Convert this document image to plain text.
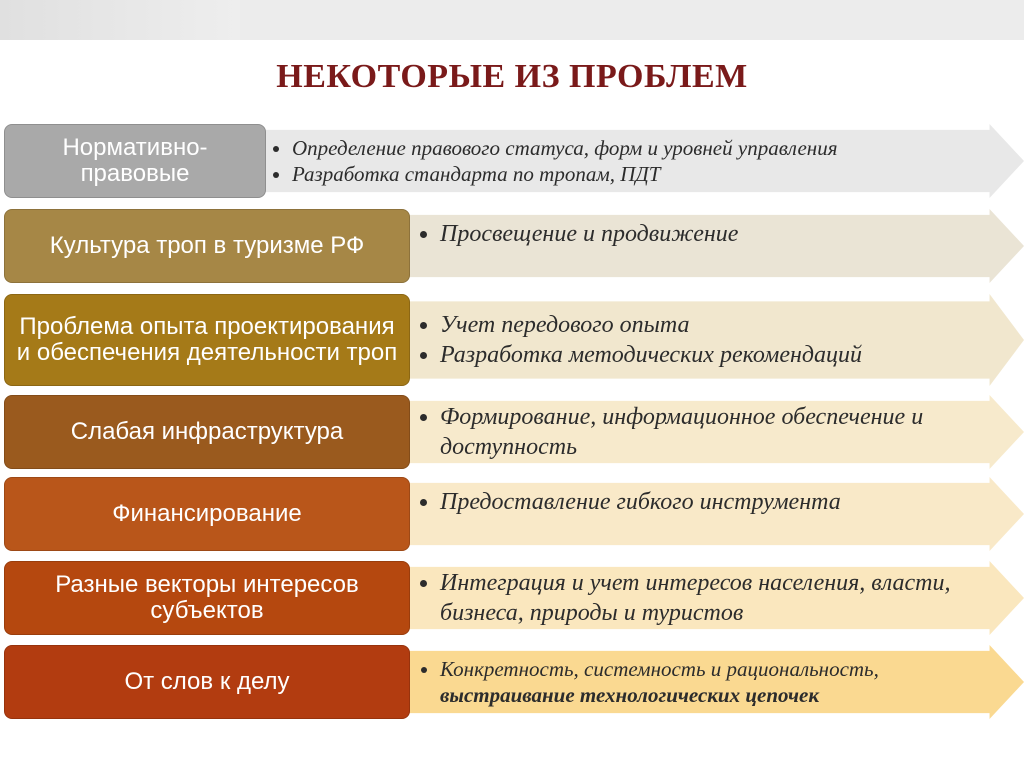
НЕКОТОРЫЕ ИЗ ПРОБЛЕМ
Нормативно-правовые
• Определение правового статуса, форм и уровней управления
• Разработка стандарта по тропам, ПДТ
Культура троп в туризме РФ	• Просвещение и продвижение
Проблема опыта проектирования и обеспечения деятельности троп
• Учет передового опыта
• Разработка методических рекомендаций
Слабая инфраструктура
• Формирование, информационное обеспечение и доступность
Финансирование	• Предоставление гибкого инструмента
Разные векторы интересов субъектов
• Интеграция и учет интересов населения, власти, бизнеса, природы и туристов
От слов к делу	• Конкретность, системность и рациональность,
выстраивание технологических цепочек
